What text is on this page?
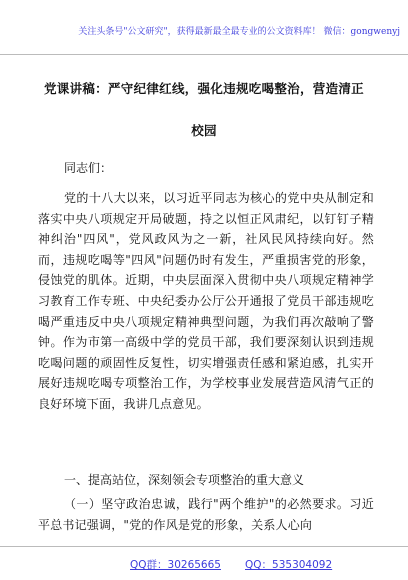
关注头条号"公文研究"，获得最新最全最专业的公文资料库！ 微信：gongwenyj
党课讲稿：严守纪律红线，强化违规吃喝整治，营造清正
校园
同志们：
党的十八大以来，以习近平同志为核心的党中央从制定和落实中央八项规定开局破题，持之以恒正风肃纪，以钉钉子精神纠治"四风"，党风政风为之一新，社风民风持续向好。然而，违规吃喝等"四风"问题仍时有发生，严重损害党的形象，侵蚀党的肌体。近期，中央层面深入贯彻中央八项规定精神学习教育工作专班、中央纪委办公厅公开通报了党员干部违规吃喝严重违反中央八项规定精神典型问题，为我们再次敲响了警钟。作为市第一高级中学的党员干部，我们要深刻认识到违规吃喝问题的顽固性反复性，切实增强责任感和紧迫感，扎实开展好违规吃喝专项整治工作，为学校事业发展营造风清气正的良好环境下面，我讲几点意见。
一、提高站位，深刻领会专项整治的重大意义
（一）坚守政治忠诚，践行"两个维护"的必然要求。习近平总书记强调，"党的作风是党的形象，关系人心向
QQ群：30265665 QQ：535304092
